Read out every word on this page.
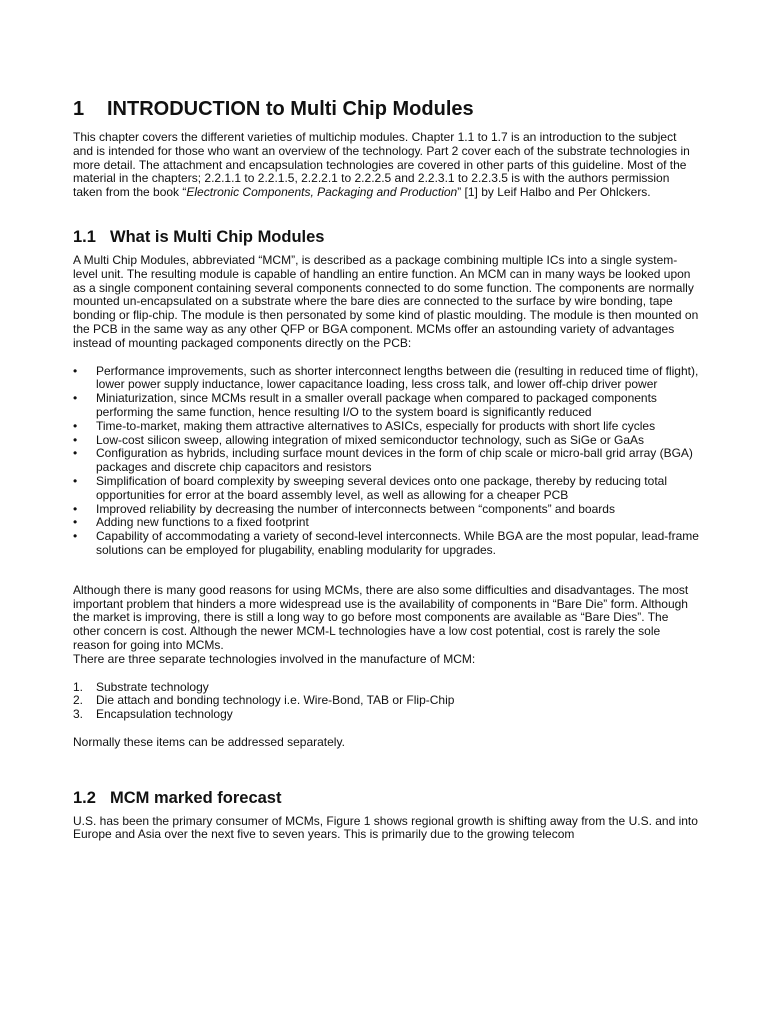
1 INTRODUCTION to Multi Chip Modules

This chapter covers the different varieties of multichip modules. Chapter 1.1 to 1.7 is an introduction to the subject and is intended for those who want an overview of the technology. Part 2 cover each of the substrate technologies in more detail. The attachment and encapsulation technologies are covered in other parts of this guideline. Most of the material in the chapters; 2.2.1.1 to 2.2.1.5, 2.2.2.1 to 2.2.2.5 and 2.2.3.1 to 2.2.3.5 is with the authors permission taken from the book “Electronic Components, Packaging and Production” [1] by Leif Halbo and Per Ohlckers.

1.1 What is Multi Chip Modules

A Multi Chip Modules, abbreviated “MCM”, is described as a package combining multiple ICs into a single system-level unit. The resulting module is capable of handling an entire function. An MCM can in many ways be looked upon as a single component containing several components connected to do some function. The components are normally mounted un-encapsulated on a substrate where the bare dies are connected to the surface by wire bonding, tape bonding or flip-chip. The module is then personated by some kind of plastic moulding. The module is then mounted on the PCB in the same way as any other QFP or BGA component. MCMs offer an astounding variety of advantages instead of mounting packaged components directly on the PCB:

• Performance improvements, such as shorter interconnect lengths between die (resulting in reduced time of flight), lower power supply inductance, lower capacitance loading, less cross talk, and lower off-chip driver power
• Miniaturization, since MCMs result in a smaller overall package when compared to packaged components performing the same function, hence resulting I/O to the system board is significantly reduced
• Time-to-market, making them attractive alternatives to ASICs, especially for products with short life cycles
• Low-cost silicon sweep, allowing integration of mixed semiconductor technology, such as SiGe or GaAs
• Configuration as hybrids, including surface mount devices in the form of chip scale or micro-ball grid array (BGA) packages and discrete chip capacitors and resistors
• Simplification of board complexity by sweeping several devices onto one package, thereby by reducing total opportunities for error at the board assembly level, as well as allowing for a cheaper PCB
• Improved reliability by decreasing the number of interconnects between “components” and boards
• Adding new functions to a fixed footprint
• Capability of accommodating a variety of second-level interconnects. While BGA are the most popular, lead-frame solutions can be employed for plugability, enabling modularity for upgrades.

Although there is many good reasons for using MCMs, there are also some difficulties and disadvantages. The most important problem that hinders a more widespread use is the availability of components in “Bare Die” form. Although the market is improving, there is still a long way to go before most components are available as “Bare Dies”. The other concern is cost. Although the newer MCM-L technologies have a low cost potential, cost is rarely the sole reason for going into MCMs.

There are three separate technologies involved in the manufacture of MCM:

1. Substrate technology
2. Die attach and bonding technology i.e. Wire-Bond, TAB or Flip-Chip
3. Encapsulation technology

Normally these items can be addressed separately.

1.2 MCM marked forecast

U.S. has been the primary consumer of MCMs, Figure 1 shows regional growth is shifting away from the U.S. and into Europe and Asia over the next five to seven years. This is primarily due to the growing telecom
